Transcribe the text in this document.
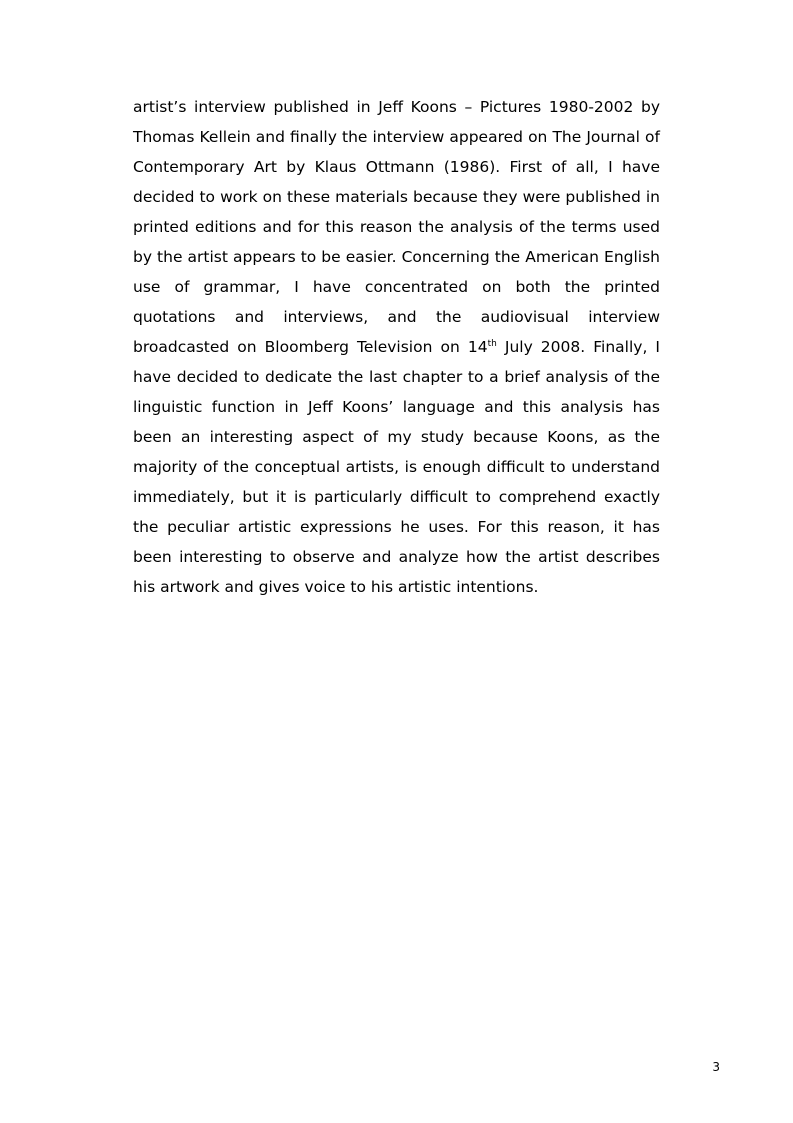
artist’s interview published in Jeff Koons – Pictures 1980-2002 by
Thomas Kellein and finally the interview appeared on The Journal of
Contemporary Art by Klaus Ottmann (1986). First of all, I have
decided to work on these materials because they were published in
printed editions and for this reason the analysis of the terms used
by the artist appears to be easier. Concerning the American English
use of grammar, I have concentrated on both the printed
quotations and interviews, and the audiovisual interview
broadcasted on Bloomberg Television on 14th July 2008. Finally, I
have decided to dedicate the last chapter to a brief analysis of the
linguistic function in Jeff Koons’ language and this analysis has
been an interesting aspect of my study because Koons, as the
majority of the conceptual artists, is enough difficult to understand
immediately, but it is particularly difficult to comprehend exactly
the peculiar artistic expressions he uses. For this reason, it has
been interesting to observe and analyze how the artist describes
his artwork and gives voice to his artistic intentions.
3
